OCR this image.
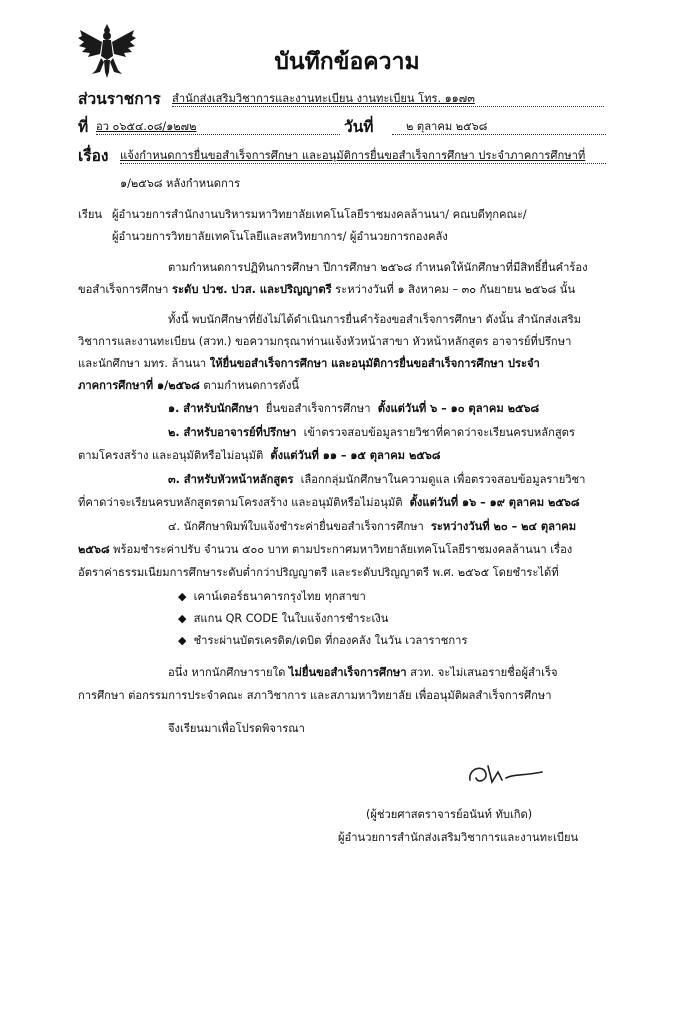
บันทึกข้อความ
ส่วนราชการ สำนักส่งเสริมวิชาการและงานทะเบียน งานทะเบียน โทร. ๑๑๗๓
ที่ อว ๐๖๕๔.๐๘/๑๒๗๒	วันที่	๒ ตุลาคม ๒๕๖๘
เรื่อง แจ้งกำหนดการยื่นขอสำเร็จการศึกษา และอนุมัติการยื่นขอสำเร็จการศึกษา ประจำภาคการศึกษาที่
๑/๒๕๖๘ หลังกำหนดการ
เรียน ผู้อำนวยการสำนักงานบริหารมหาวิทยาลัยเทคโนโลยีราชมงคลล้านนา/ คณบดีทุกคณะ/
ผู้อำนวยการวิทยาลัยเทคโนโลยีและสหวิทยาการ/ ผู้อำนวยการกองคลัง
ตามกำหนดการปฏิทินการศึกษา ปีการศึกษา ๒๕๖๘ กำหนดให้นักศึกษาที่มีสิทธิ์ยื่นคำร้อง
ขอสำเร็จการศึกษา ระดับ ปวช. ปวส. และปริญญาตรี ระหว่างวันที่ ๑ สิงหาคม – ๓๐ กันยายน ๒๕๖๘ นั้น
ทั้งนี้ พบนักศึกษาที่ยังไม่ได้ดำเนินการยื่นคำร้องขอสำเร็จการศึกษา ดังนั้น สำนักส่งเสริม
วิชาการและงานทะเบียน (สวท.) ขอความกรุณาท่านแจ้งหัวหน้าสาขา หัวหน้าหลักสูตร อาจารย์ที่ปรึกษา
และนักศึกษา มทร. ล้านนา ให้ยื่นขอสำเร็จการศึกษา และอนุมัติการยื่นขอสำเร็จการศึกษา ประจำ
ภาคการศึกษาที่ ๑/๒๕๖๘ ตามกำหนดการดังนี้
๑. สำหรับนักศึกษา ยื่นขอสำเร็จการศึกษา ตั้งแต่วันที่ ๖ – ๑๐ ตุลาคม ๒๕๖๘
๒. สำหรับอาจารย์ที่ปรึกษา เข้าตรวจสอบข้อมูลรายวิชาที่คาดว่าจะเรียนครบหลักสูตร
ตามโครงสร้าง และอนุมัติหรือไม่อนุมัติ ตั้งแต่วันที่ ๑๑ – ๑๕ ตุลาคม ๒๕๖๘
๓. สำหรับหัวหน้าหลักสูตร เลือกกลุ่มนักศึกษาในความดูแล เพื่อตรวจสอบข้อมูลรายวิชา
ที่คาดว่าจะเรียนครบหลักสูตรตามโครงสร้าง และอนุมัติหรือไม่อนุมัติ ตั้งแต่วันที่ ๑๖ – ๑๙ ตุลาคม ๒๕๖๘
๔. นักศึกษาพิมพ์ใบแจ้งชำระค่ายื่นขอสำเร็จการศึกษา ระหว่างวันที่ ๒๐ – ๒๔ ตุลาคม
๒๕๖๘ พร้อมชำระค่าปรับ จำนวน ๕๐๐ บาท ตามประกาศมหาวิทยาลัยเทคโนโลยีราชมงคลล้านนา เรื่อง
อัตราค่าธรรมเนียมการศึกษาระดับต่ำกว่าปริญญาตรี และระดับปริญญาตรี พ.ศ. ๒๕๖๕ โดยชำระได้ที่
◆ เคาน์เตอร์ธนาคารกรุงไทย ทุกสาขา
◆ สแกน QR CODE ในใบแจ้งการชำระเงิน
◆ ชำระผ่านบัตรเครดิต/เดบิต ที่กองคลัง ในวัน เวลาราชการ
อนึ่ง หากนักศึกษารายใด ไม่ยื่นขอสำเร็จการศึกษา สวท. จะไม่เสนอรายชื่อผู้สำเร็จ
การศึกษา ต่อกรรมการประจำคณะ สภาวิชาการ และสภามหาวิทยาลัย เพื่ออนุมัติผลสำเร็จการศึกษา
จึงเรียนมาเพื่อโปรดพิจารณา
(ผู้ช่วยศาสตราจารย์อนันท์ ทับเกิด)
ผู้อำนวยการสำนักส่งเสริมวิชาการและงานทะเบียน
